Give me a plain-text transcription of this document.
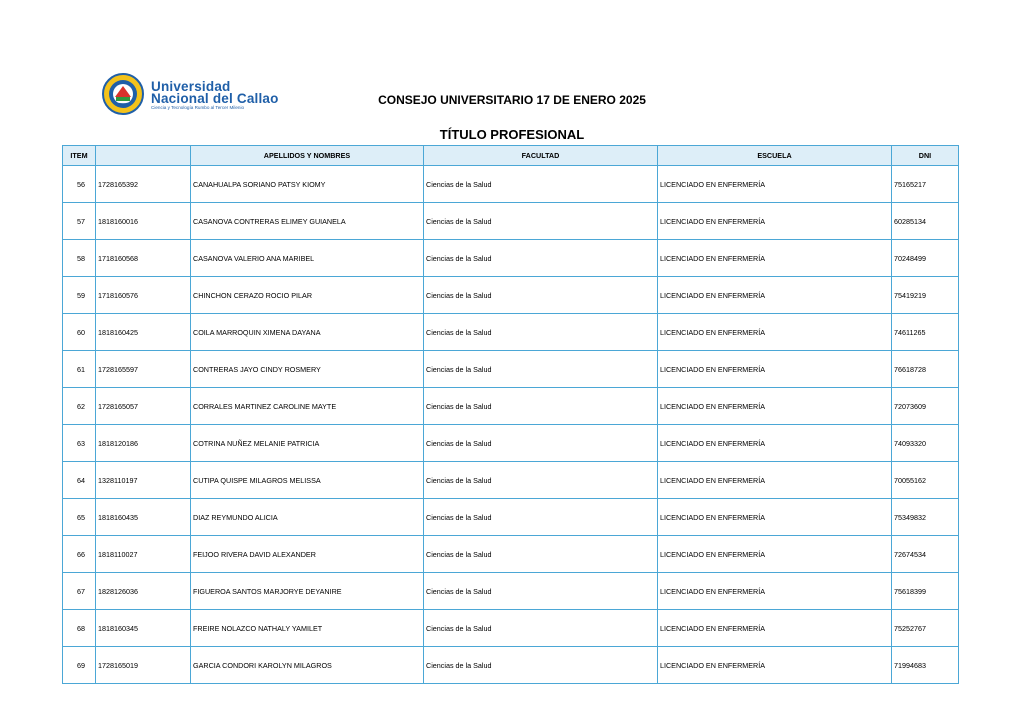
Universidad
Nacional del Callao
Ciencia y Tecnología Rumbo al Tercer Milenio
CONSEJO UNIVERSITARIO 17 DE ENERO 2025
TÍTULO PROFESIONAL
ITEM		APELLIDOS Y NOMBRES	FACULTAD	ESCUELA	DNI
56	1728165392	CANAHUALPA SORIANO PATSY KIOMY	Ciencias de la Salud	LICENCIADO EN ENFERMERÍA	75165217
57	1818160016	CASANOVA CONTRERAS ELIMEY GUIANELA	Ciencias de la Salud	LICENCIADO EN ENFERMERÍA	60285134
58	1718160568	CASANOVA VALERIO ANA MARIBEL	Ciencias de la Salud	LICENCIADO EN ENFERMERÍA	70248499
59	1718160576	CHINCHON CERAZO ROCIO PILAR	Ciencias de la Salud	LICENCIADO EN ENFERMERÍA	75419219
60	1818160425	COILA MARROQUIN XIMENA DAYANA	Ciencias de la Salud	LICENCIADO EN ENFERMERÍA	74611265
61	1728165597	CONTRERAS JAYO CINDY ROSMERY	Ciencias de la Salud	LICENCIADO EN ENFERMERÍA	76618728
62	1728165057	CORRALES MARTINEZ CAROLINE MAYTE	Ciencias de la Salud	LICENCIADO EN ENFERMERÍA	72073609
63	1818120186	COTRINA NUÑEZ MELANIE PATRICIA	Ciencias de la Salud	LICENCIADO EN ENFERMERÍA	74093320
64	1328110197	CUTIPA QUISPE MILAGROS MELISSA	Ciencias de la Salud	LICENCIADO EN ENFERMERÍA	70055162
65	1818160435	DIAZ REYMUNDO ALICIA	Ciencias de la Salud	LICENCIADO EN ENFERMERÍA	75349832
66	1818110027	FEIJOO RIVERA DAVID ALEXANDER	Ciencias de la Salud	LICENCIADO EN ENFERMERÍA	72674534
67	1828126036	FIGUEROA SANTOS MARJORYE DEYANIRE	Ciencias de la Salud	LICENCIADO EN ENFERMERÍA	75618399
68	1818160345	FREIRE NOLAZCO NATHALY YAMILET	Ciencias de la Salud	LICENCIADO EN ENFERMERÍA	75252767
69	1728165019	GARCIA CONDORI KAROLYN MILAGROS	Ciencias de la Salud	LICENCIADO EN ENFERMERÍA	71994683
